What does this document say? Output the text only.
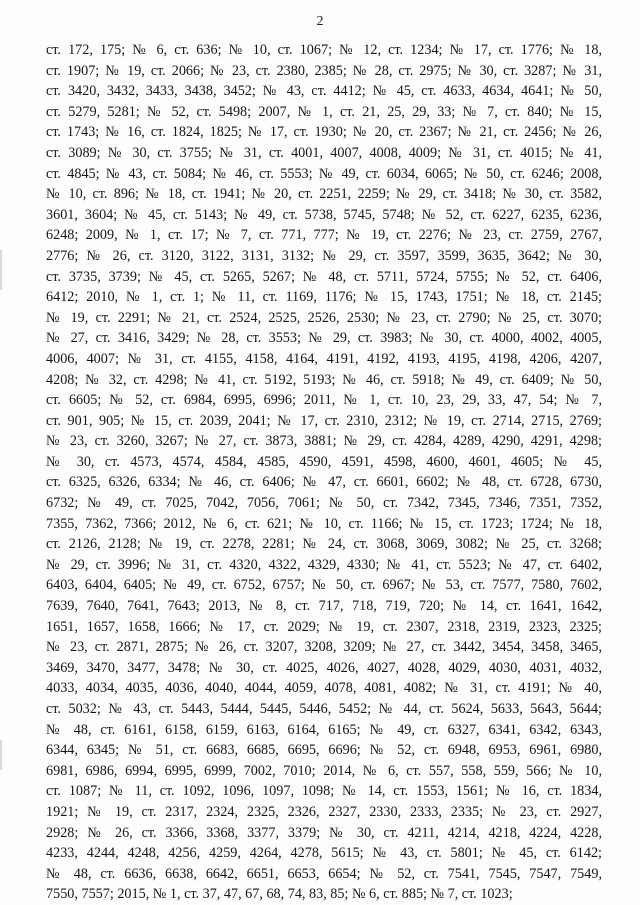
2
ст. 172, 175; № 6, ст. 636; № 10, ст. 1067; № 12, ст. 1234; № 17, ст. 1776; № 18,
ст. 1907; № 19, ст. 2066; № 23, ст. 2380, 2385; № 28, ст. 2975; № 30, ст. 3287; № 31,
ст. 3420, 3432, 3433, 3438, 3452; № 43, ст. 4412; № 45, ст. 4633, 4634, 4641; № 50,
ст. 5279, 5281; № 52, ст. 5498; 2007, № 1, ст. 21, 25, 29, 33; № 7, ст. 840; № 15,
ст. 1743; № 16, ст. 1824, 1825; № 17, ст. 1930; № 20, ст. 2367; № 21, ст. 2456; № 26,
ст. 3089; № 30, ст. 3755; № 31, ст. 4001, 4007, 4008, 4009; № 31, ст. 4015; № 41,
ст. 4845; № 43, ст. 5084; № 46, ст. 5553; № 49, ст. 6034, 6065; № 50, ст. 6246; 2008,
№ 10, ст. 896; № 18, ст. 1941; № 20, ст. 2251, 2259; № 29, ст. 3418; № 30, ст. 3582,
3601, 3604; № 45, ст. 5143; № 49, ст. 5738, 5745, 5748; № 52, ст. 6227, 6235, 6236,
6248; 2009, № 1, ст. 17; № 7, ст. 771, 777; № 19, ст. 2276; № 23, ст. 2759, 2767,
2776; № 26, ст. 3120, 3122, 3131, 3132; № 29, ст. 3597, 3599, 3635, 3642; № 30,
ст. 3735, 3739; № 45, ст. 5265, 5267; № 48, ст. 5711, 5724, 5755; № 52, ст. 6406,
6412; 2010, № 1, ст. 1; № 11, ст. 1169, 1176; № 15, 1743, 1751; № 18, ст. 2145;
№ 19, ст. 2291; № 21, ст. 2524, 2525, 2526, 2530; № 23, ст. 2790; № 25, ст. 3070;
№ 27, ст. 3416, 3429; № 28, ст. 3553; № 29, ст. 3983; № 30, ст. 4000, 4002, 4005,
4006, 4007; № 31, ст. 4155, 4158, 4164, 4191, 4192, 4193, 4195, 4198, 4206, 4207,
4208; № 32, ст. 4298; № 41, ст. 5192, 5193; № 46, ст. 5918; № 49, ст. 6409; № 50,
ст. 6605; № 52, ст. 6984, 6995, 6996; 2011, № 1, ст. 10, 23, 29, 33, 47, 54; № 7,
ст. 901, 905; № 15, ст. 2039, 2041; № 17, ст. 2310, 2312; № 19, ст. 2714, 2715, 2769;
№ 23, ст. 3260, 3267; № 27, ст. 3873, 3881; № 29, ст. 4284, 4289, 4290, 4291, 4298;
№ 30, ст. 4573, 4574, 4584, 4585, 4590, 4591, 4598, 4600, 4601, 4605; № 45,
ст. 6325, 6326, 6334; № 46, ст. 6406; № 47, ст. 6601, 6602; № 48, ст. 6728, 6730,
6732; № 49, ст. 7025, 7042, 7056, 7061; № 50, ст. 7342, 7345, 7346, 7351, 7352,
7355, 7362, 7366; 2012, № 6, ст. 621; № 10, ст. 1166; № 15, ст. 1723; 1724; № 18,
ст. 2126, 2128; № 19, ст. 2278, 2281; № 24, ст. 3068, 3069, 3082; № 25, ст. 3268;
№ 29, ст. 3996; № 31, ст. 4320, 4322, 4329, 4330; № 41, ст. 5523; № 47, ст. 6402,
6403, 6404, 6405; № 49, ст. 6752, 6757; № 50, ст. 6967; № 53, ст. 7577, 7580, 7602,
7639, 7640, 7641, 7643; 2013, № 8, ст. 717, 718, 719, 720; № 14, ст. 1641, 1642,
1651, 1657, 1658, 1666; № 17, ст. 2029; № 19, ст. 2307, 2318, 2319, 2323, 2325;
№ 23, ст. 2871, 2875; № 26, ст. 3207, 3208, 3209; № 27, ст. 3442, 3454, 3458, 3465,
3469, 3470, 3477, 3478; № 30, ст. 4025, 4026, 4027, 4028, 4029, 4030, 4031, 4032,
4033, 4034, 4035, 4036, 4040, 4044, 4059, 4078, 4081, 4082; № 31, ст. 4191; № 40,
ст. 5032; № 43, ст. 5443, 5444, 5445, 5446, 5452; № 44, ст. 5624, 5633, 5643, 5644;
№ 48, ст. 6161, 6158, 6159, 6163, 6164, 6165; № 49, ст. 6327, 6341, 6342, 6343,
6344, 6345; № 51, ст. 6683, 6685, 6695, 6696; № 52, ст. 6948, 6953, 6961, 6980,
6981, 6986, 6994, 6995, 6999, 7002, 7010; 2014, № 6, ст. 557, 558, 559, 566; № 10,
ст. 1087; № 11, ст. 1092, 1096, 1097, 1098; № 14, ст. 1553, 1561; № 16, ст. 1834,
1921; № 19, ст. 2317, 2324, 2325, 2326, 2327, 2330, 2333, 2335; № 23, ст. 2927,
2928; № 26, ст. 3366, 3368, 3377, 3379; № 30, ст. 4211, 4214, 4218, 4224, 4228,
4233, 4244, 4248, 4256, 4259, 4264, 4278, 5615; № 43, ст. 5801; № 45, ст. 6142;
№ 48, ст. 6636, 6638, 6642, 6651, 6653, 6654; № 52, ст. 7541, 7545, 7547, 7549,
7550, 7557; 2015, № 1, ст. 37, 47, 67, 68, 74, 83, 85; № 6, ст. 885; № 7, ст. 1023;
